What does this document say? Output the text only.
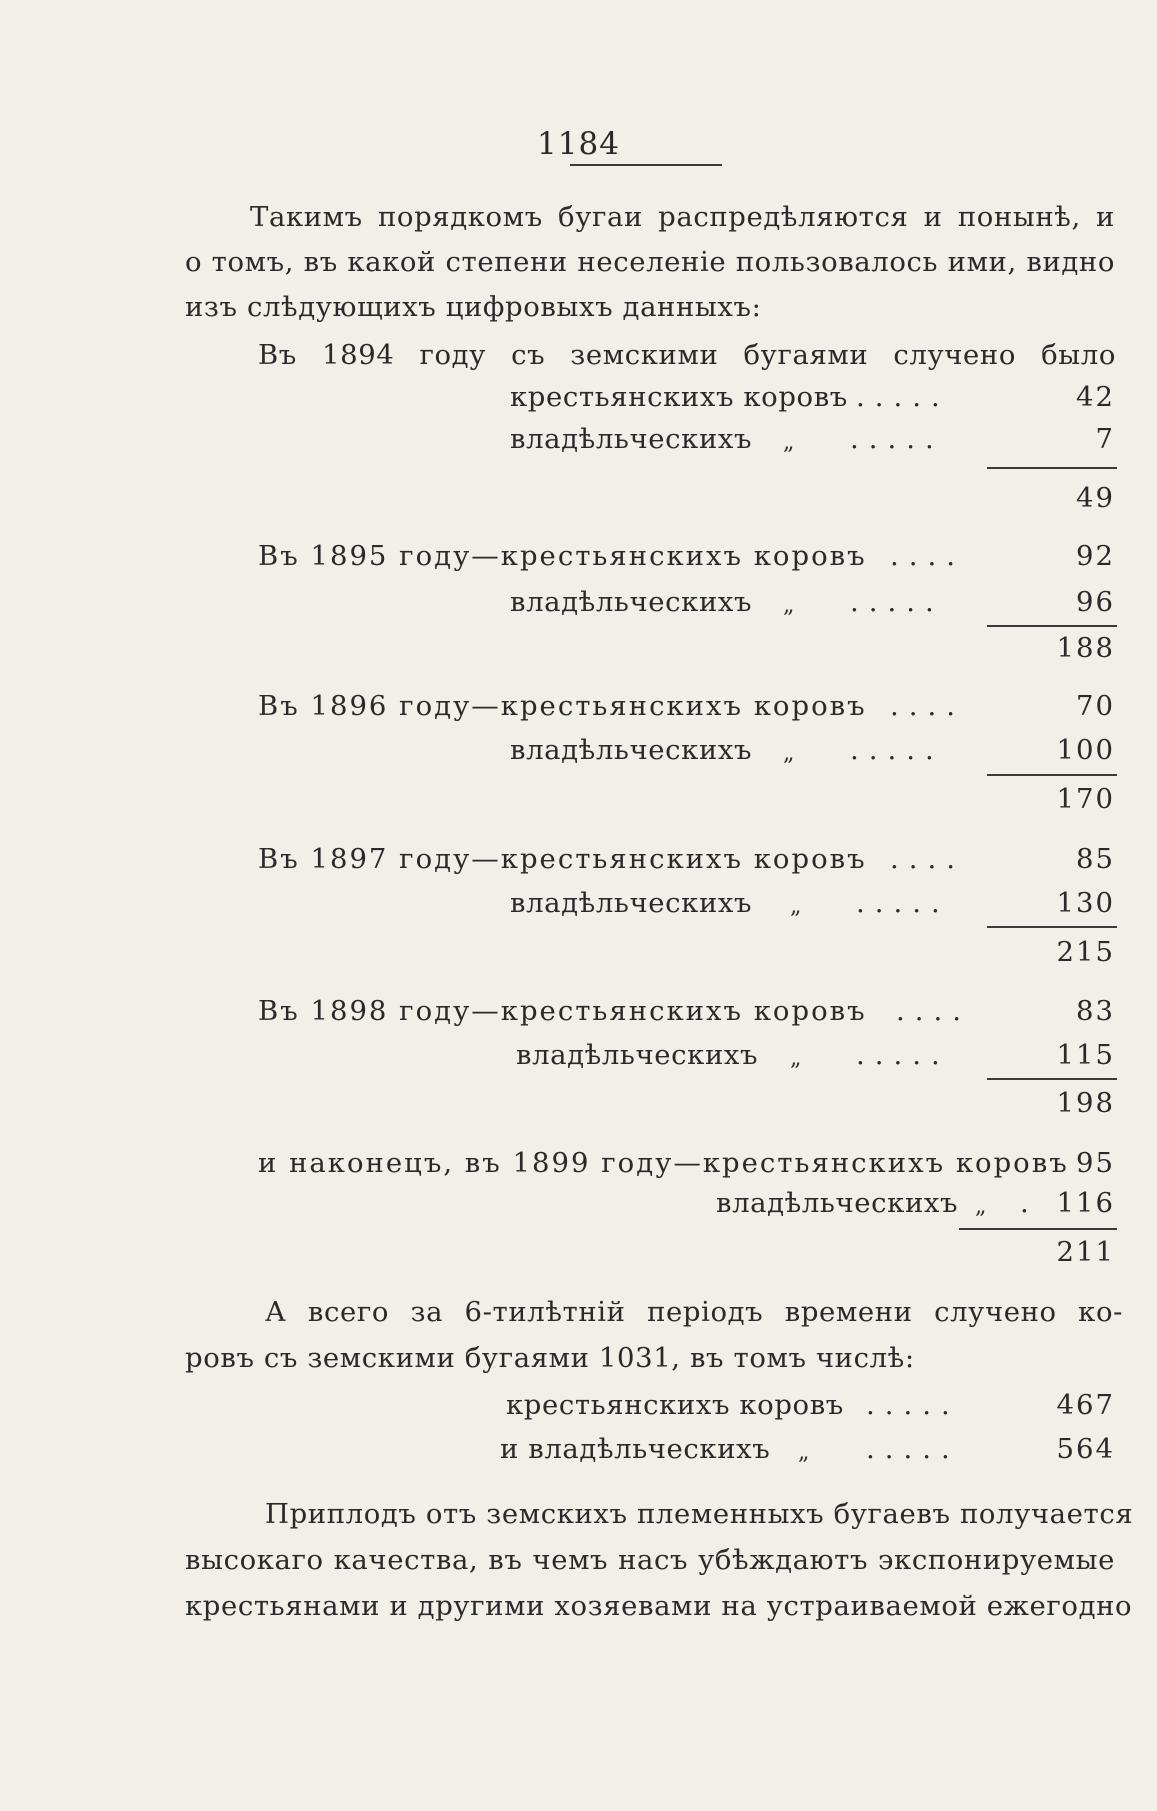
1184
Такимъ порядкомъ бугаи распредѣляются и понынѣ, и
о томъ, въ какой степени неселеніе пользовалось ими, видно
изъ слѣдующихъ цифровыхъ данныхъ:
Въ 1894 году съ земскими бугаями случено было
крестьянскихъ коровъ .....	42
владѣльческихъ „ .....	7
49
Въ 1895 году—крестьянскихъ коровъ ....	92
владѣльческихъ „ .....	96
188
Въ 1896 году—крестьянскихъ коровъ ....	70
владѣльческихъ „ .....	100
170
Въ 1897 году—крестьянскихъ коровъ ....	85
владѣльческихъ „ .....	130
215
Въ 1898 году—крестьянскихъ коровъ ....	83
владѣльческихъ „ .....	115
198
и наконецъ, въ 1899 году—крестьянскихъ коровъ 95
владѣльческихъ „ . 116
211
А всего за 6-тилѣтній періодъ времени случено ко-
ровъ съ земскими бугаями 1031, въ томъ числѣ:
крестьянскихъ коровъ .....	467
и владѣльческихъ „ .....	564
Приплодъ отъ земскихъ племенныхъ бугаевъ получается
высокаго качества, въ чемъ насъ убѣждаютъ экспонируемые
крестьянами и другими хозяевами на устраиваемой ежегодно
